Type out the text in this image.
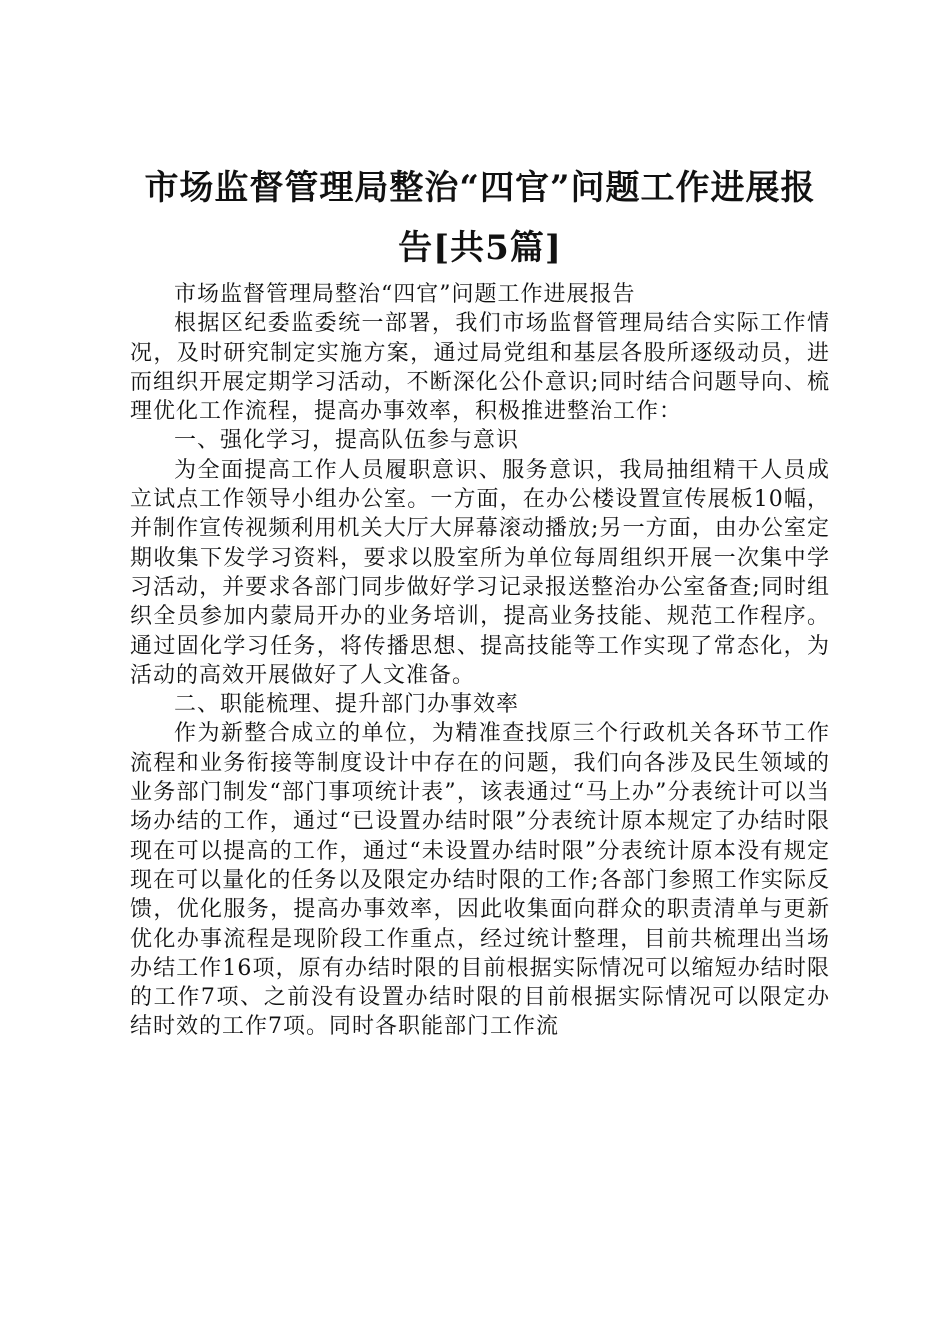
市场监督管理局整治“四官”问题工作进展报
告[共5篇]

市场监督管理局整治“四官”问题工作进展报告

根据区纪委监委统一部署，我们市场监督管理局结合实际工作情况，及时研究制定实施方案，通过局党组和基层各股所逐级动员，进而组织开展定期学习活动，不断深化公仆意识;同时结合问题导向、梳理优化工作流程，提高办事效率，积极推进整治工作：

一、强化学习，提高队伍参与意识

为全面提高工作人员履职意识、服务意识，我局抽组精干人员成立试点工作领导小组办公室。一方面，在办公楼设置宣传展板10幅，并制作宣传视频利用机关大厅大屏幕滚动播放;另一方面，由办公室定期收集下发学习资料，要求以股室所为单位每周组织开展一次集中学习活动，并要求各部门同步做好学习记录报送整治办公室备查;同时组织全员参加内蒙局开办的业务培训，提高业务技能、规范工作程序。通过固化学习任务，将传播思想、提高技能等工作实现了常态化，为活动的高效开展做好了人文准备。

二、职能梳理、提升部门办事效率

作为新整合成立的单位，为精准查找原三个行政机关各环节工作流程和业务衔接等制度设计中存在的问题，我们向各涉及民生领域的业务部门制发“部门事项统计表”，该表通过“马上办”分表统计可以当场办结的工作，通过“已设置办结时限”分表统计原本规定了办结时限现在可以提高的工作，通过“未设置办结时限”分表统计原本没有规定现在可以量化的任务以及限定办结时限的工作;各部门参照工作实际反馈，优化服务，提高办事效率，因此收集面向群众的职责清单与更新优化办事流程是现阶段工作重点，经过统计整理，目前共梳理出当场办结工作16项，原有办结时限的目前根据实际情况可以缩短办结时限的工作7项、之前没有设置办结时限的目前根据实际情况可以限定办结时效的工作7项。同时各职能部门工作流
